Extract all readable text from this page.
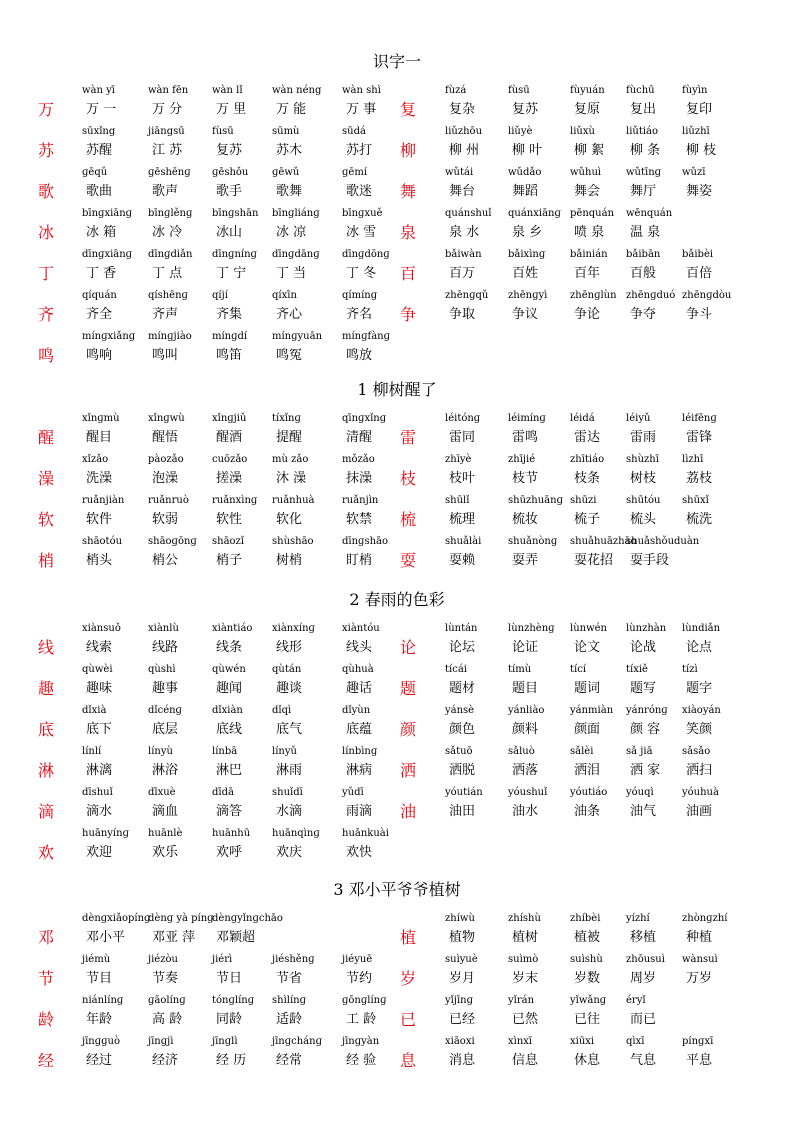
识字一
万
wàn yī
万 一
wàn fēn
万 分
wàn lǐ
万 里
wàn néng
万 能
wàn shì
万 事 复
fùzá
复杂
fùsū
复苏
fùyuán
复原
fùchū
复出
fùyìn
复印
苏
sūxǐng
苏醒
jiāngsū
江 苏
fùsū
复苏
sūmù
苏木
sūdá
苏打 柳
liǔzhōu
柳 州
liǔyè
柳 叶
liǔxù
柳 絮
liǔtiáo
柳 条
liǔzhī
柳 枝
歌
ɡēqǔ
歌曲
ɡēshēnɡ
歌声
ɡēshǒu
歌手
ɡēwǔ
歌舞
ɡēmí
歌迷 舞
wǔtái
舞台
wǔdǎo
舞蹈
wǔhuì
舞会
wǔtīnɡ
舞厅
wǔzī
舞姿
冰
bīnɡxiānɡ
冰 箱
bīnɡlěnɡ
冰 冷
bīnɡshān
冰山
bīnɡliánɡ
冰 凉
bīnɡxuě
冰 雪 泉
quánshuǐ
泉 水
quánxiānɡ
泉 乡
pēnquán
喷 泉
wēnquán
温 泉
丁
dīnɡxiānɡ
丁 香
dīnɡdiǎn
丁 点
dīnɡnínɡ
丁 宁
dīnɡdānɡ
丁 当
dīnɡdōnɡ
丁 冬 百
bǎiwàn
百万
bǎixìnɡ
百姓
bǎinián
百年
bǎibān
百般
bǎibèi
百倍
齐
qíquán
齐全
qíshēnɡ
齐声
qíjí
齐集
qíxīn
齐心
qímínɡ
齐名 争
zhēnɡqǔ
争取
zhēnɡyì
争议
zhēnɡlùn
争论
zhēnɡduó
争夺
zhēnɡdòu
争斗
鸣
mínɡxiǎnɡ
鸣响
mínɡjiào
鸣叫
mínɡdí
鸣笛
mínɡyuān
鸣冤
mínɡfànɡ
鸣放
1 柳树醒了
醒
xǐnɡmù
醒目
xǐnɡwù
醒悟
xǐnɡjiǔ
醒酒
tíxǐnɡ
提醒
qīnɡxǐnɡ
清醒 雷
léitónɡ
雷同
léimínɡ
雷鸣
léidá
雷达
léiyǔ
雷雨
léifēnɡ
雷锋
澡
xǐzǎo
洗澡
pàozǎo
泡澡
cuōzǎo
搓澡
mù zǎo
沐 澡
mǒzǎo
抹澡 枝
zhīyè
枝叶
zhījié
枝节
zhītiáo
枝条
shùzhī
树枝
lìzhī
荔枝
软
ruǎnjiàn
软件
ruǎnruò
软弱
ruǎnxìnɡ
软性
ruǎnhuà
软化
ruǎnjìn
软禁 梳
shūlǐ
梳理
shūzhuānɡ
梳妆
shūzi
梳子
shūtóu
梳头
shūxǐ
梳洗
梢
shāotóu
梢头
shāoɡōnɡ
梢公
shāozǐ
梢子
shùshāo
树梢
dīnɡshāo
盯梢 耍
shuǎlài
耍赖
shuǎnònɡ
耍弄
shuǎhuāzhāo
耍花招
shuǎshǒuduàn
耍手段
2 春雨的色彩
线
xiànsuǒ
线索
xiànlù
线路
xiàntiáo
线条
xiànxínɡ
线形
xiàntóu
线头 论
lùntán
论坛
lùnzhènɡ
论证
lùnwén
论文
lùnzhàn
论战
lùndiǎn
论点
趣
qùwèi
趣味
qùshì
趣事
qùwén
趣闻
qùtán
趣谈
qùhuà
趣话 题
tícái
题材
tímù
题目
tící
题词
tíxiě
题写
tízì
题字
底
dǐxià
底下
dǐcénɡ
底层
dǐxiàn
底线
dǐqì
底气
dǐyùn
底蕴 颜
yánsè
颜色
yánliào
颜料
yánmiàn
颜面
yánrónɡ
颜 容
xiàoyán
笑颜
淋
línlí
淋漓
línyù
淋浴
línbā
淋巴
línyǔ
淋雨
línbìnɡ
淋病 洒
sǎtuō
洒脱
sǎluò
洒落
sǎlèi
洒泪
sǎ jiā
洒 家
sǎsǎo
洒扫
滴
dīshuǐ
滴水
dīxuè
滴血
dīdā
滴答
shuǐdī
水滴
yǔdī
雨滴 油
yóutián
油田
yóushuǐ
油水
yóutiáo
油条
yóuqì
油气
yóuhuà
油画
欢
huānyínɡ
欢迎
huānlè
欢乐
huānhū
欢呼
huānqìnɡ
欢庆
huānkuài
欢快
3 邓小平爷爷植树
邓
dènɡxiǎopínɡ
邓小平
dènɡ yà pínɡ
邓亚 萍
dènɡyǐnɡchāo
邓颖超	植
zhíwù
植物
zhíshù
植树
zhíbèi
植被
yízhí
移植
zhònɡzhí
种植
节
jiémù
节目
jiézòu
节奏
jiérì
节日
jiéshěnɡ
节省
jiéyuē
节约 岁
suìyuè
岁月
suìmò
岁末
suìshù
岁数
zhōusuì
周岁
wànsuì
万岁
龄
niánlínɡ
年龄
ɡāolínɡ
高 龄
tónɡlínɡ
同龄
shìlínɡ
适龄
ɡōnɡlínɡ
工 龄 已
yǐjīnɡ
已经
yǐrán
已然
yǐwǎnɡ
已往
éryǐ
而已
经
jīnɡɡuò
经过
jīnɡjì
经济
jīnɡlì
经 历
jīnɡchánɡ
经常
jīnɡyàn
经 验 息
xiāoxi
消息
xìnxī
信息
xiūxi
休息
qìxī
气息
pínɡxī
平息
